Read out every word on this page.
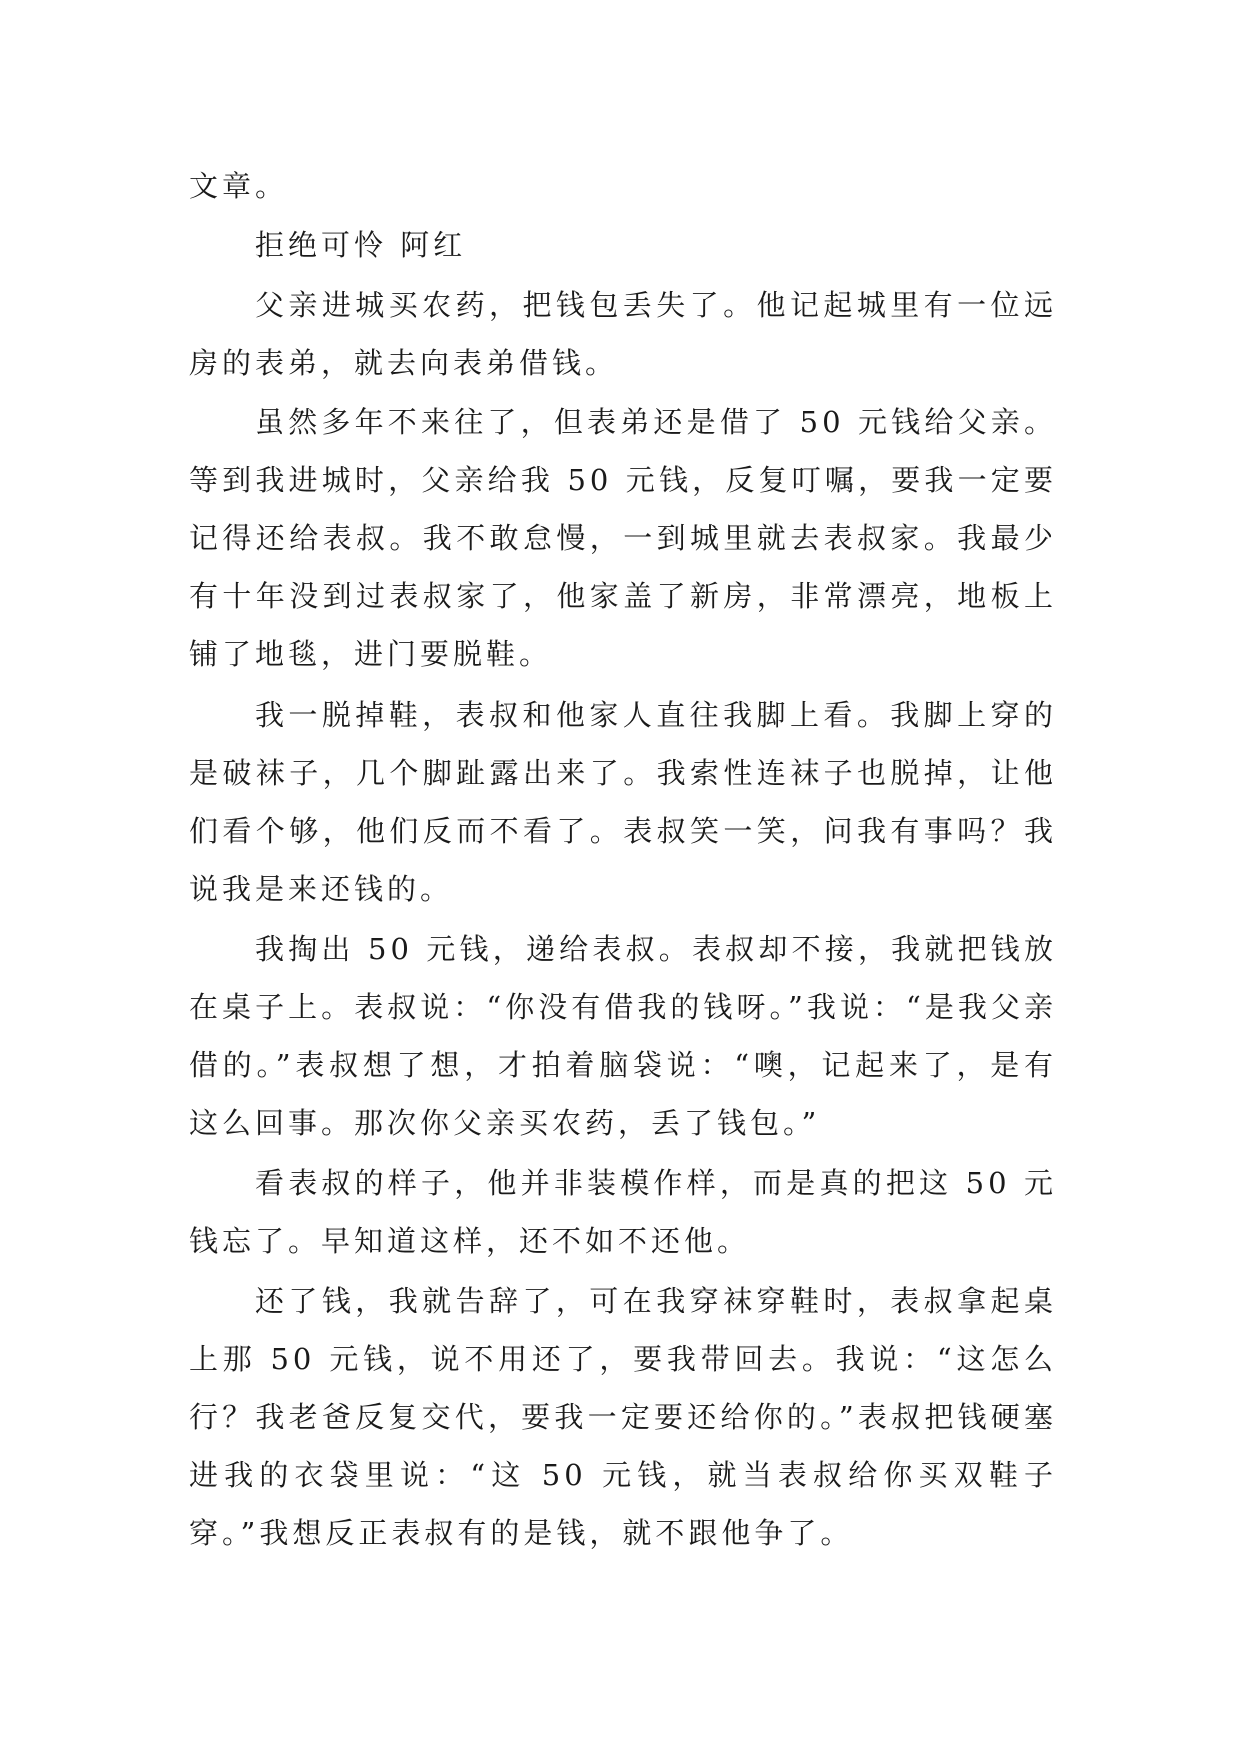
文章。

拒绝可怜 阿红

父亲进城买农药，把钱包丢失了。他记起城里有一位远房的表弟，就去向表弟借钱。

虽然多年不来往了，但表弟还是借了 50 元钱给父亲。等到我进城时，父亲给我 50 元钱，反复叮嘱，要我一定要记得还给表叔。我不敢怠慢，一到城里就去表叔家。我最少有十年没到过表叔家了，他家盖了新房，非常漂亮，地板上铺了地毯，进门要脱鞋。

我一脱掉鞋，表叔和他家人直往我脚上看。我脚上穿的是破袜子，几个脚趾露出来了。我索性连袜子也脱掉，让他们看个够，他们反而不看了。表叔笑一笑，问我有事吗？我说我是来还钱的。

我掏出 50 元钱，递给表叔。表叔却不接，我就把钱放在桌子上。表叔说：“你没有借我的钱呀。”我说：“是我父亲借的。”表叔想了想，才拍着脑袋说：“噢，记起来了，是有这么回事。那次你父亲买农药，丢了钱包。”

看表叔的样子，他并非装模作样，而是真的把这 50 元钱忘了。早知道这样，还不如不还他。

还了钱，我就告辞了，可在我穿袜穿鞋时，表叔拿起桌上那 50 元钱，说不用还了，要我带回去。我说：“这怎么行？我老爸反复交代，要我一定要还给你的。”表叔把钱硬塞进我的衣袋里说：“这 50 元钱，就当表叔给你买双鞋子穿。”我想反正表叔有的是钱，就不跟他争了。
